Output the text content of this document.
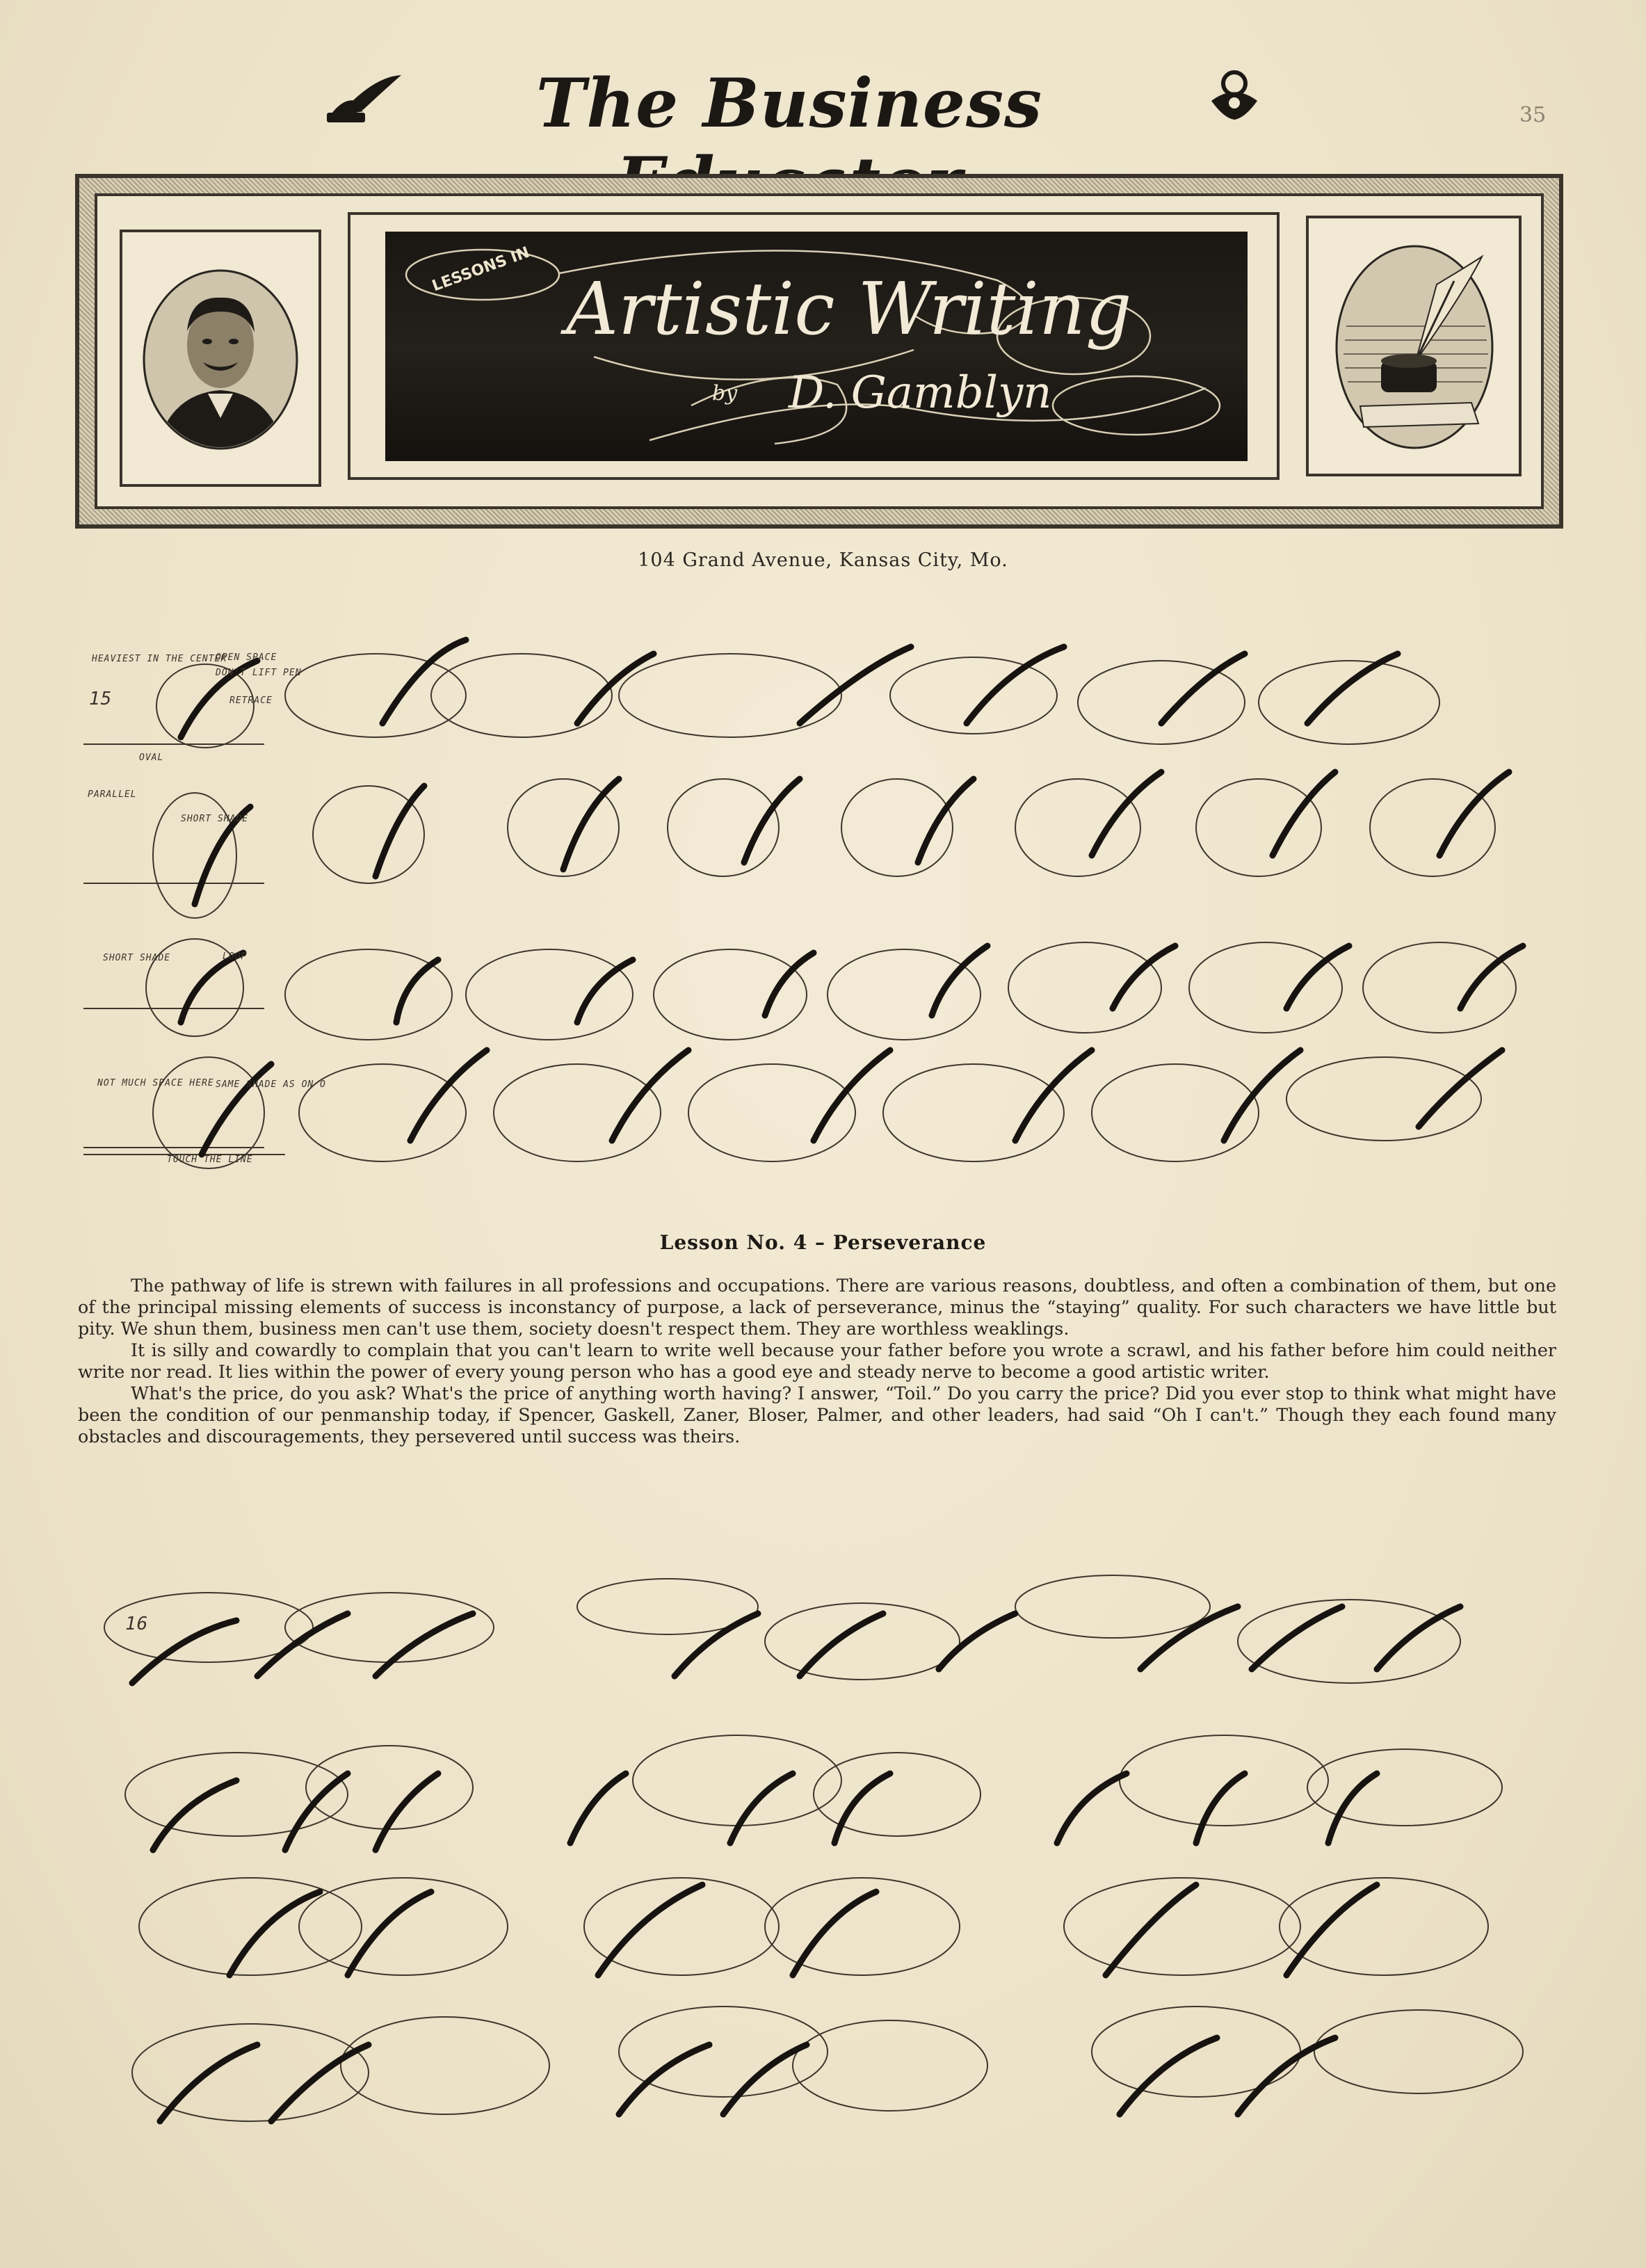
The Business	35
LESSONS IN Artistic Writing
by D. Gamblyn
104 Grand Avenue, Kansas City, Mo.
15
HEAVIEST IN THE CENTER
OPEN SPACE
DON'T LIFT PEN
RETRACE
OVAL
PARALLEL
SHORT SHADE
SHORT SHADE	LOOP
NOT MUCH SPACE HERE SAME SHADE AS ON O
TOUCH THE LINE
Lesson No. 4 – Perseverance

The pathway of life is strewn with failures in all professions and occupations. There are various reasons, doubtless, and often a combination of them, but one of the principal missing elements of success is inconstancy of purpose, a lack of perseverance, minus the “staying” quality. For such characters we have little but pity. We shun them, business men can't use them, society doesn't respect them. They are worthless weaklings.

It is silly and cowardly to complain that you can't learn to write well because your father before you wrote a scrawl, and his father before him could neither write nor read. It lies within the power of every young person who has a good eye and steady nerve to become a good artistic writer.

What's the price, do you ask? What's the price of anything worth having? I answer, “Toil.” Do you carry the price? Did you ever stop to think what might have been the condition of our penmanship today, if Spencer, Gaskell, Zaner, Bloser, Palmer, and other leaders, had said “Oh I can't.” Though they each found many obstacles and discouragements, they persevered until success was theirs.

16
